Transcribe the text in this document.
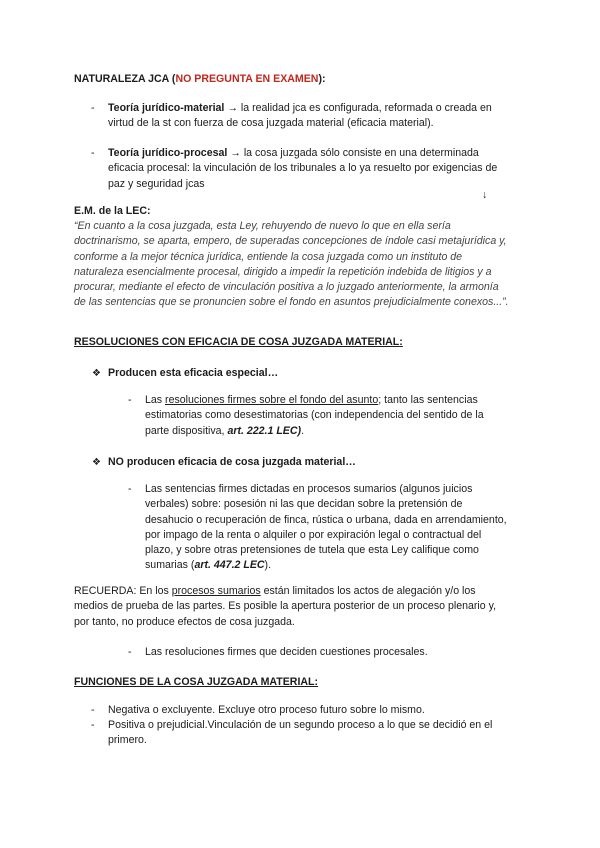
NATURALEZA JCA (NO PREGUNTA EN EXAMEN):
-	Teoría jurídico-material → la realidad jca es configurada, reformada o creada en
virtud de la st con fuerza de cosa juzgada material (eficacia material).
-	Teoría jurídico-procesal → la cosa juzgada sólo consiste en una determinada
eficacia procesal: la vinculación de los tribunales a lo ya resuelto por exigencias de
paz y seguridad jcas
↓
E.M. de la LEC:
“En cuanto a la cosa juzgada, esta Ley, rehuyendo de nuevo lo que en ella sería
doctrinarismo, se aparta, empero, de superadas concepciones de índole casi metajurídica y,
conforme a la mejor técnica jurídica, entiende la cosa juzgada como un instituto de
naturaleza esencialmente procesal, dirigido a impedir la repetición indebida de litigios y a
procurar, mediante el efecto de vinculación positiva a lo juzgado anteriormente, la armonía
de las sentencias que se pronuncien sobre el fondo en asuntos prejudicialmente conexos...”.
RESOLUCIONES CON EFICACIA DE COSA JUZGADA MATERIAL:
❖ Producen esta eficacia especial…
-	Las resoluciones firmes sobre el fondo del asunto; tanto las sentencias
estimatorias como desestimatorias (con independencia del sentido de la
parte dispositiva, art. 222.1 LEC).
❖ NO producen eficacia de cosa juzgada material…
-	Las sentencias firmes dictadas en procesos sumarios (algunos juicios
verbales) sobre: posesión ni las que decidan sobre la pretensión de
desahucio o recuperación de finca, rústica o urbana, dada en arrendamiento,
por impago de la renta o alquiler o por expiración legal o contractual del
plazo, y sobre otras pretensiones de tutela que esta Ley califique como
sumarias (art. 447.2 LEC).
RECUERDA: En los procesos sumarios están limitados los actos de alegación y/o los
medios de prueba de las partes. Es posible la apertura posterior de un proceso plenario y,
por tanto, no produce efectos de cosa juzgada.
-	Las resoluciones firmes que deciden cuestiones procesales.
FUNCIONES DE LA COSA JUZGADA MATERIAL:
-	Negativa o excluyente. Excluye otro proceso futuro sobre lo mismo.
-	Positiva o prejudicial.Vinculación de un segundo proceso a lo que se decidió en el
primero.
